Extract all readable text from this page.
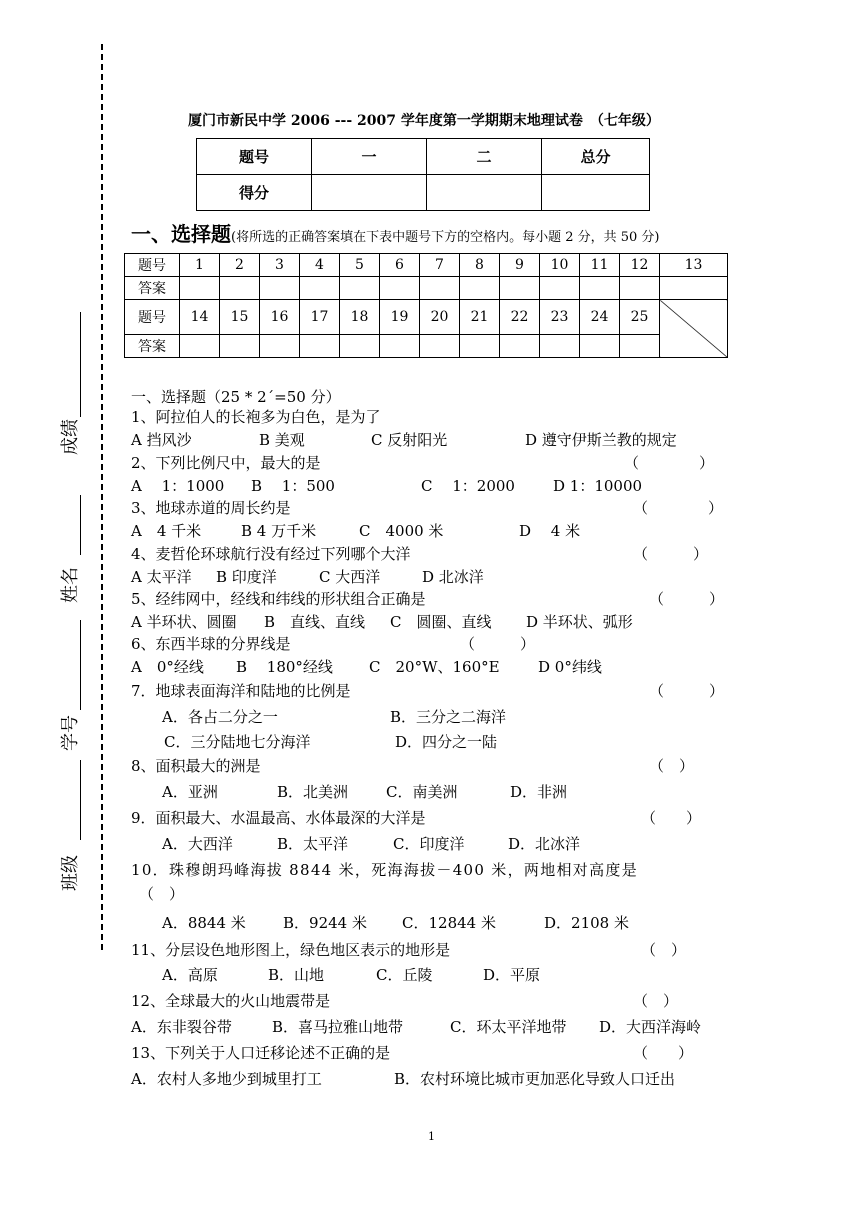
成绩
姓名
学号
班级
厦门市新民中学 2006 --- 2007 学年度第一学期期末地理试卷　（七年级）
题号	一	二	总分
得分			
一、选择题(将所选的正确答案填在下表中题号下方的空格内。每小题 2 分，共 50 分)
题号	1	2	3	4	5	6	7	8	9	10	11	12	13
答案													
题号	14	15	16	17	18	19	20	21	22	23	24	25	
答案													
一、选择题（25 * 2´=50 分）
1、阿拉伯人的长袍多为白色，是为了
A 挡风沙	B 美观	C 反射阳光	D 遵守伊斯兰教的规定
2、下列比例尺中，最大的是	（　　　　）
A　 1：1000 B　 1：500	C　 1：2000	D 1：10000
3、地球赤道的周长约是	（　　　　）
A　4 千米	B 4 万千米	C　4000 米	D　 4 米
4、麦哲伦环球航行没有经过下列哪个大洋	（　　　）
A 太平洋 B 印度洋	C 大西洋	D 北冰洋
5、经纬网中，经线和纬线的形状组合正确是	（　　　）
A 半环状、圆圈 B　直线、直线 C　圆圈、直线 D 半环状、弧形
6、东西半球的分界线是	（　　　）
A　0°经线 B　 180°经线 C　20°W、160°E	D 0°纬线
7．地球表面海洋和陆地的比例是	（　　　）
A．各占二分之一	B．三分之二海洋
C．三分陆地七分海洋	D．四分之一陆
8、面积最大的洲是	（　）
A．亚洲	B．北美洲	C．南美洲	D．非洲
9．面积最大、水温最高、水体最深的大洋是	（　　）
A．大西洋	B．太平洋	C．印度洋	D．北冰洋
10．珠穆朗玛峰海拔 8844 米，死海海拔－400 米，两地相对高度是
（　）
A．8844 米 B．9244 米 C．12844 米	D．2108 米
11、分层设色地形图上，绿色地区表示的地形是	（　）
A．高原	B．山地	C．丘陵	D．平原
12、全球最大的火山地震带是	（　）
A．东非裂谷带	B．喜马拉雅山地带	C．环太平洋地带 D．大西洋海岭
13、下列关于人口迁移论述不正确的是	（　　）
A．农村人多地少到城里打工	B．农村环境比城市更加恶化导致人口迁出
1
